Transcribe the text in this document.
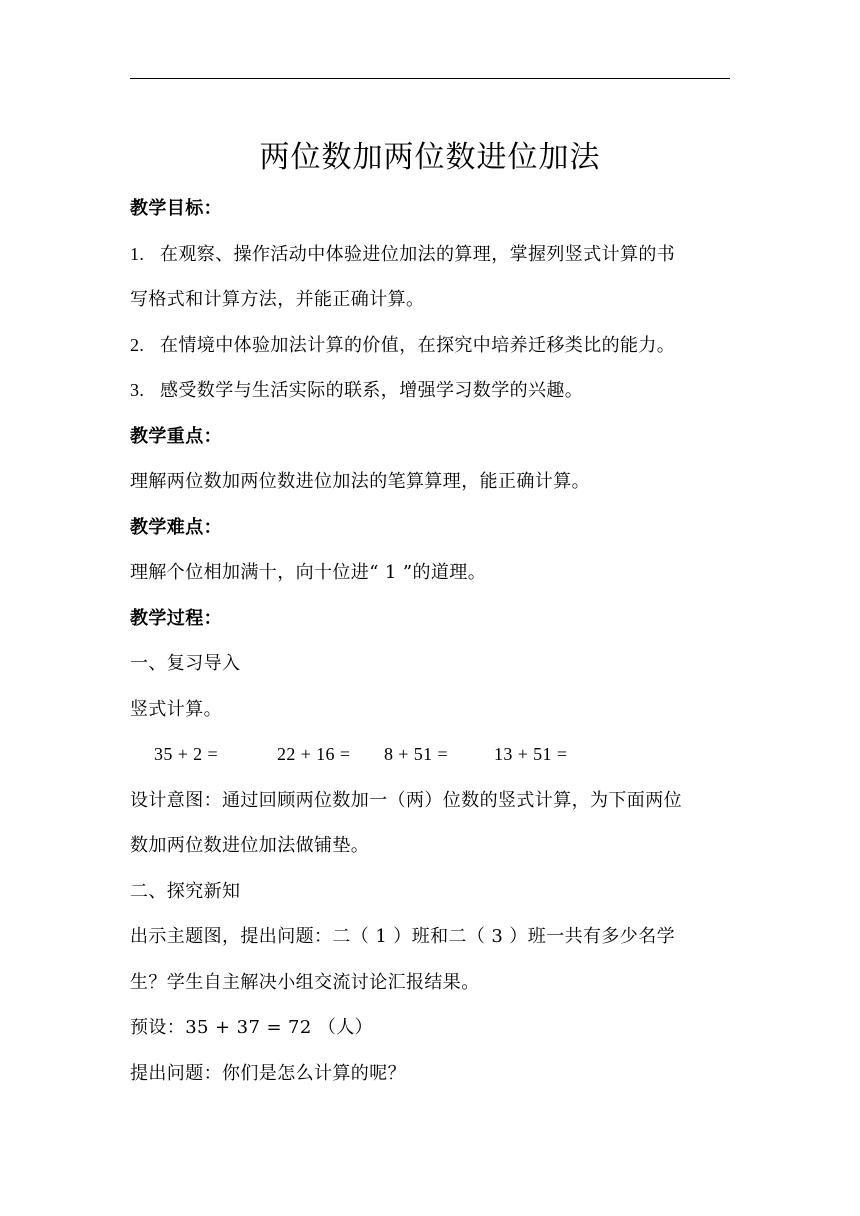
两位数加两位数进位加法
教学目标：
1. 在观察、操作活动中体验进位加法的算理，掌握列竖式计算的书
写格式和计算方法，并能正确计算。
2. 在情境中体验加法计算的价值，在探究中培养迁移类比的能力。
3. 感受数学与生活实际的联系，增强学习数学的兴趣。
教学重点：
理解两位数加两位数进位加法的笔算算理，能正确计算。
教学难点：
理解个位相加满十，向十位进“ 1 ”的道理。
教学过程：
一、复习导入
竖式计算。
35 + 2 =	22 + 16 = 8 + 51 =	13 + 51 =
设计意图：通过回顾两位数加一（两）位数的竖式计算，为下面两位
数加两位数进位加法做铺垫。
二、探究新知
出示主题图，提出问题：二（ 1 ）班和二（ 3 ）班一共有多少名学
生？学生自主解决小组交流讨论汇报结果。
预设：35 + 37 = 72 （人）
提出问题：你们是怎么计算的呢？
